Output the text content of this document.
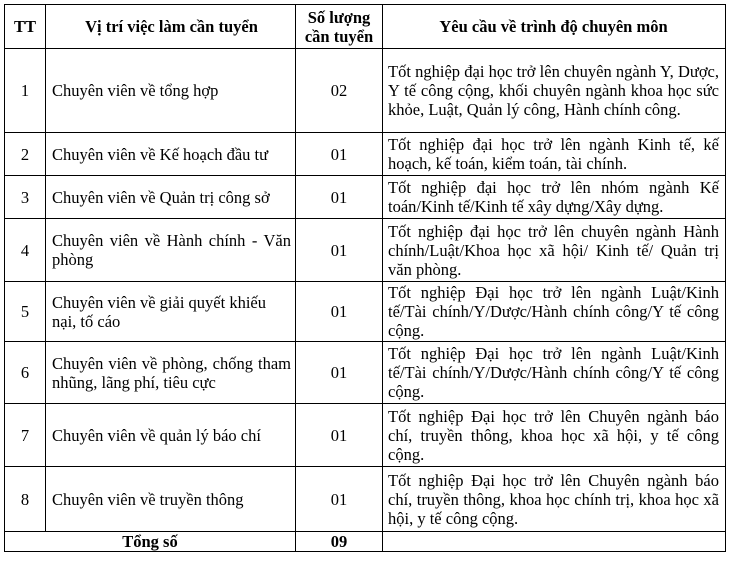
TT	Vị trí việc làm cần tuyển	Số lượng cần tuyển	Yêu cầu về trình độ chuyên môn
1	Chuyên viên về tổng hợp	02	Tốt nghiệp đại học trở lên chuyên ngành Y, Dược, Y tế công cộng, khối chuyên ngành khoa học sức khỏe, Luật, Quản lý công, Hành chính công.
2	Chuyên viên về Kế hoạch đầu tư	01	Tốt nghiệp đại học trở lên ngành Kinh tế, kế hoạch, kế toán, kiểm toán, tài chính.
3	Chuyên viên về Quản trị công sở	01	Tốt nghiệp đại học trở lên nhóm ngành Kế toán/Kinh tế/Kinh tế xây dựng/Xây dựng.
4	Chuyên viên về Hành chính - Văn phòng	01	Tốt nghiệp đại học trở lên chuyên ngành Hành chính/Luật/Khoa học xã hội/ Kinh tế/ Quản trị văn phòng.
5	Chuyên viên về giải quyết khiếu nại, tố cáo	01	Tốt nghiệp Đại học trở lên ngành Luật/Kinh tế/Tài chính/Y/Dược/Hành chính công/Y tế công cộng.
6	Chuyên viên về phòng, chống tham nhũng, lãng phí, tiêu cực	01	Tốt nghiệp Đại học trở lên ngành Luật/Kinh tế/Tài chính/Y/Dược/Hành chính công/Y tế công cộng.
7	Chuyên viên về quản lý báo chí	01	Tốt nghiệp Đại học trở lên Chuyên ngành báo chí, truyền thông, khoa học xã hội, y tế công cộng.
8	Chuyên viên về truyền thông	01	Tốt nghiệp Đại học trở lên Chuyên ngành báo chí, truyền thông, khoa học chính trị, khoa học xã hội, y tế công cộng.
Tổng số		09	
